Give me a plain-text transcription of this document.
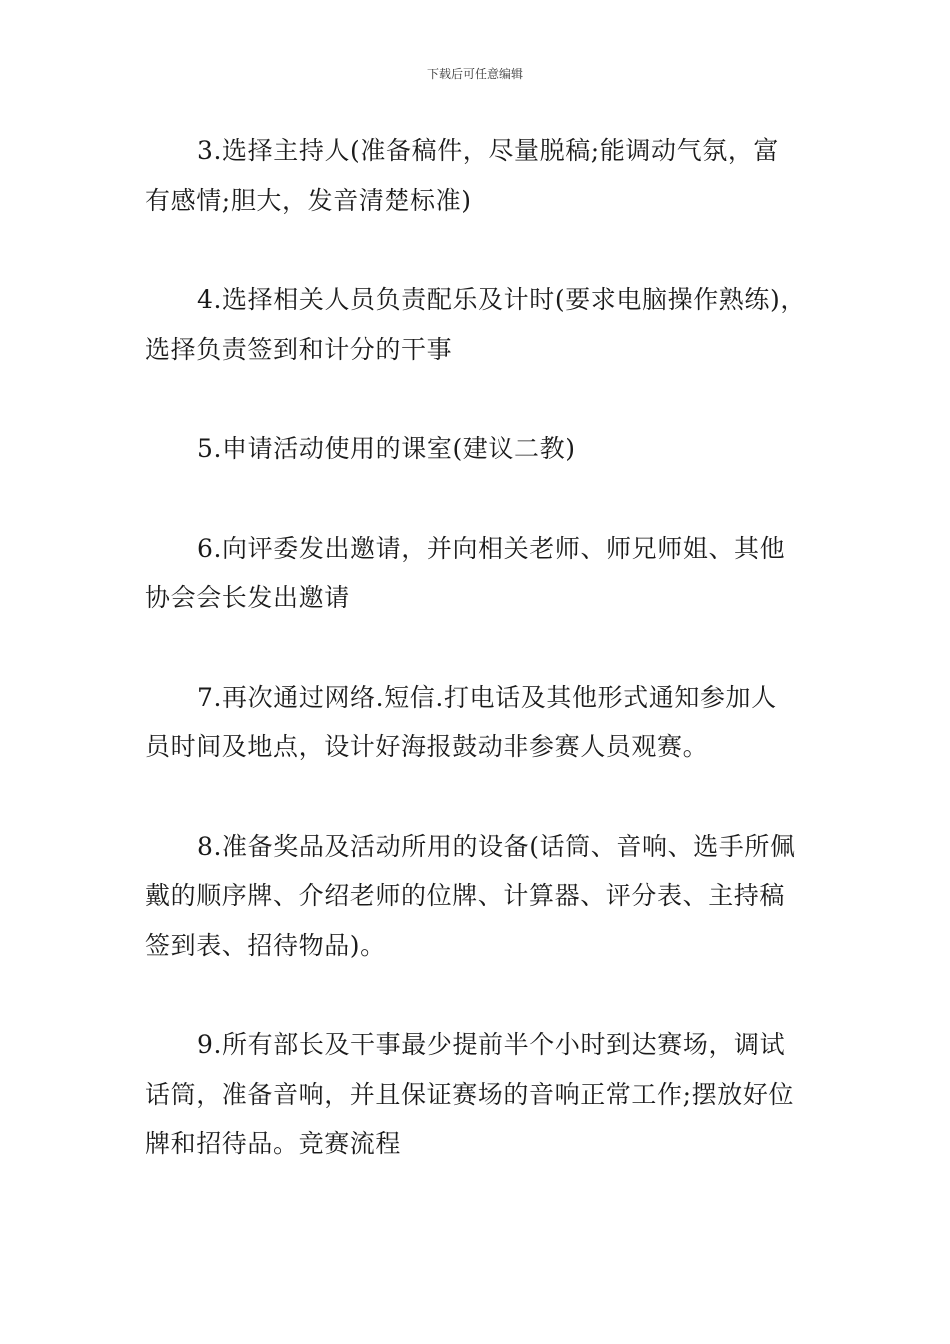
下载后可任意编辑

3.选择主持人(准备稿件，尽量脱稿;能调动气氛，富
有感情;胆大，发音清楚标准)

4.选择相关人员负责配乐及计时(要求电脑操作熟练)，
选择负责签到和计分的干事

5.申请活动使用的课室(建议二教)

6.向评委发出邀请，并向相关老师、师兄师姐、其他
协会会长发出邀请

7.再次通过网络.短信.打电话及其他形式通知参加人
员时间及地点，设计好海报鼓动非参赛人员观赛。

8.准备奖品及活动所用的设备(话筒、音响、选手所佩
戴的顺序牌、介绍老师的位牌、计算器、评分表、主持稿
签到表、招待物品)。

9.所有部长及干事最少提前半个小时到达赛场，调试
话筒，准备音响，并且保证赛场的音响正常工作;摆放好位
牌和招待品。竞赛流程
